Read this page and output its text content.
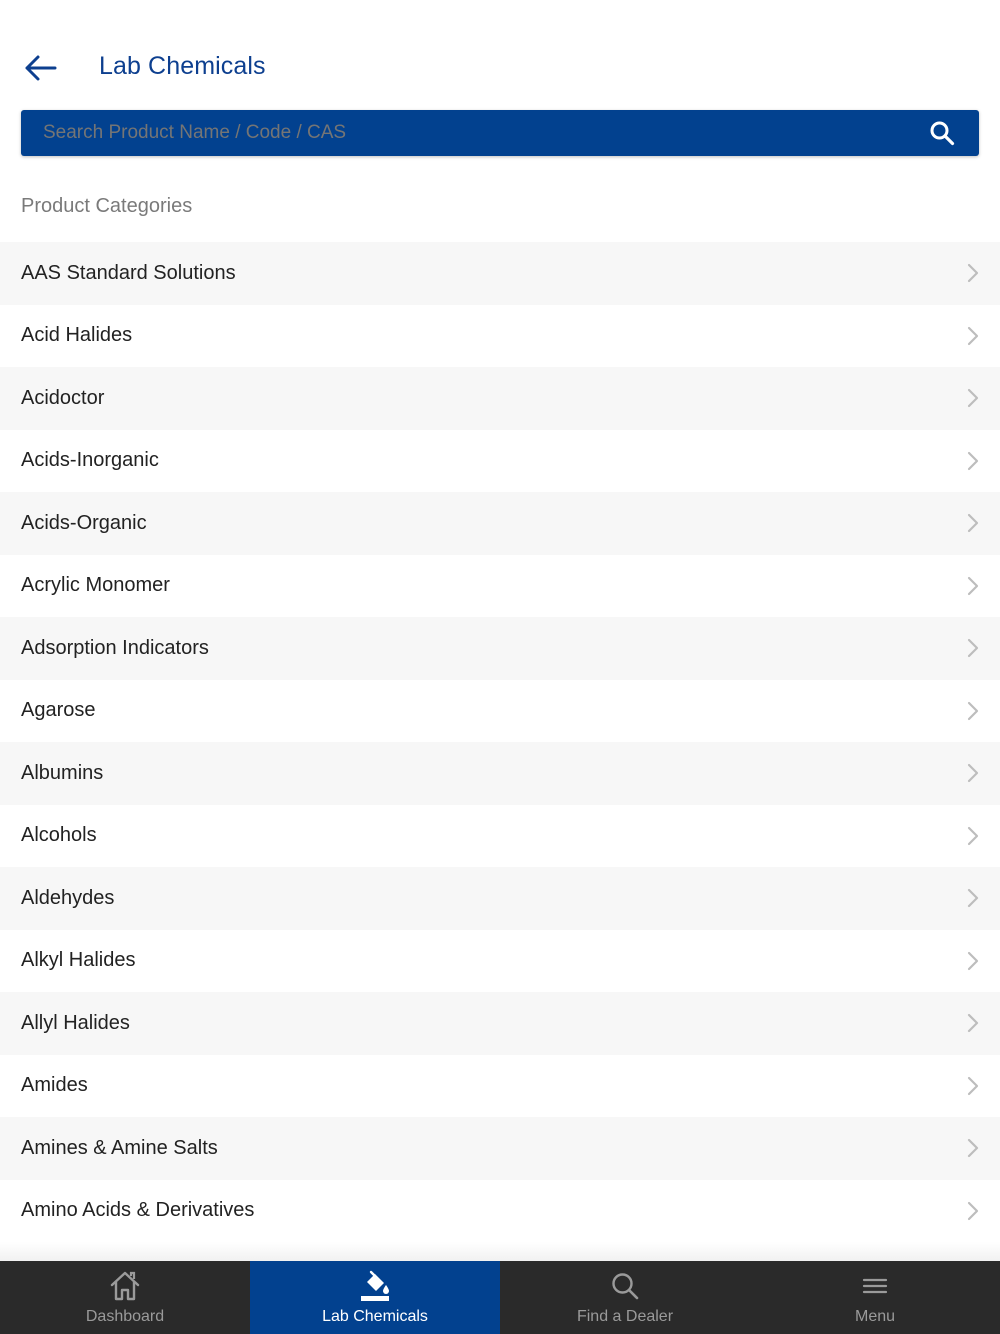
Lab Chemicals
Search Product Name / Code / CAS
Product Categories
AAS Standard Solutions
Acid Halides
Acidoctor
Acids-Inorganic
Acids-Organic
Acrylic Monomer
Adsorption Indicators
Agarose
Albumins
Alcohols
Aldehydes
Alkyl Halides
Allyl Halides
Amides
Amines & Amine Salts
Amino Acids & Derivatives
Dashboard	Lab Chemicals	Find a Dealer	Menu
